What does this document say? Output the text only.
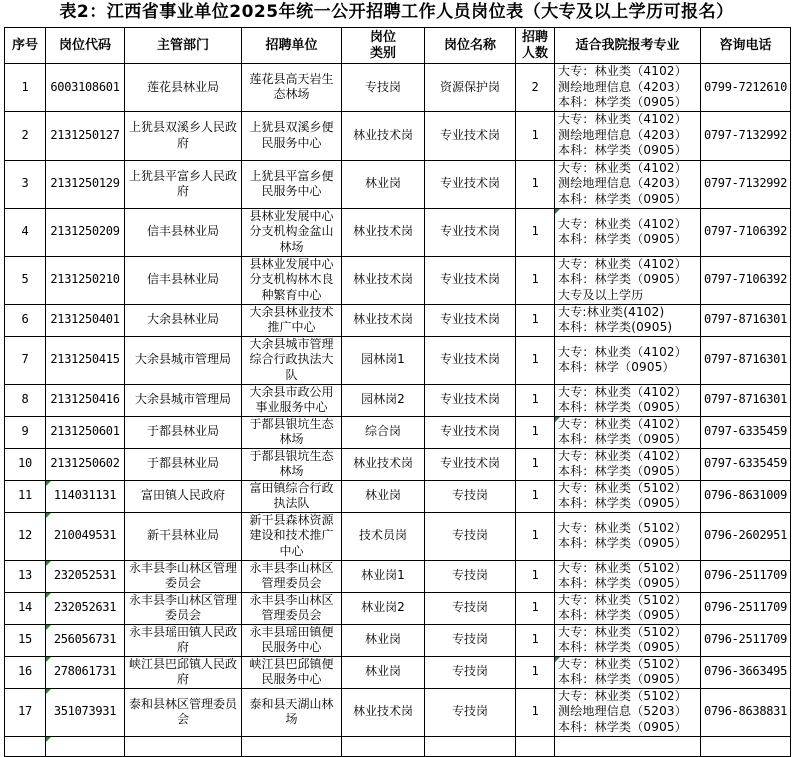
表2：江西省事业单位2025年统一公开招聘工作人员岗位表（大专及以上学历可报名）
序号	岗位代码	主管部门	招聘单位	岗位类别	岗位名称	招聘人数	适合我院报考专业	咨询电话
1	6003108601	莲花县林业局	莲花县高天岩生态林场	专技岗	资源保护岗	2	大专：林业类（4102）
测绘地理信息（4203）
本科：林学类（0905）	0799-7212610
2	2131250127	上犹县双溪乡人民政府	上犹县双溪乡便民服务中心	林业技术岗	专业技术岗	1	大专：林业类（4102）
测绘地理信息（4203）
本科：林学类（0905）	0797-7132992
3	2131250129	上犹县平富乡人民政府	上犹县平富乡便民服务中心	林业岗	专业技术岗	1	大专：林业类（4102）
测绘地理信息（4203）
本科：林学类（0905）	0797-7132992
4	2131250209	信丰县林业局	县林业发展中心分支机构金盆山林场	林业技术岗	专业技术岗	1	大专：林业类（4102）
本科：林学类（0905）	0797-7106392
5	2131250210	信丰县林业局	县林业发展中心分支机构林木良种繁育中心	林业技术岗	专业技术岗	1	大专：林业类（4102）
本科：林学类（0905）
大专及以上学历	0797-7106392
6	2131250401	大余县林业局	大余县林业技术推广中心	林业技术岗	专业技术岗	1	大专:林业类(4102)
本科：林学类(0905)	0797-8716301
7	2131250415	大余县城市管理局	大余县城市管理综合行政执法大队	园林岗1	专业技术岗	1	大专：林业类（4102）
本科：林学（0905）	0797-8716301
8	2131250416	大余县城市管理局	大余县市政公用事业服务中心	园林岗2	专业技术岗	1	大专：林业类（4102）
本科：林学类（0905）	0797-8716301
9	2131250601	于都县林业局	于都县银坑生态林场	综合岗	专业技术岗	1	大专：林业类（4102）
本科：林学类（0905）	0797-6335459
10	2131250602	于都县林业局	于都县银坑生态林场	林业技术岗	专业技术岗	1	大专：林业类（4102）
本科：林学类（0905）	0797-6335459
11	114031131	富田镇人民政府	富田镇综合行政执法队	林业岗	专技岗	1	大专：林业类（5102）
本科：林学类（0905）	0796-8631009
12	210049531	新干县林业局	新干县森林资源建设和技术推广中心	技术员岗	专技岗	1	大专：林业类（5102）
本科：林学类（0905）	0796-2602951
13	232052531	永丰县李山林区管理委员会	永丰县李山林区管理委员会	林业岗1	专技岗	1	大专：林业类（5102）
本科：林学类（0905）	0796-2511709
14	232052631	永丰县李山林区管理委员会	永丰县李山林区管理委员会	林业岗2	专技岗	1	大专：林业类（5102）
本科：林学类（0905）	0796-2511709
15	256056731	永丰县瑶田镇人民政府	永丰县瑶田镇便民服务中心	林业岗	专技岗	1	大专：林业类（5102）
本科：林学类（0905）	0796-2511709
16	278061731	峡江县巴邱镇人民政府	峡江县巴邱镇便民服务中心	林业岗	专技岗	1	大专：林业类（5102）
本科：林学类（0905）	0796-3663495
17	351073931	泰和县林区管理委员会	泰和县天湖山林场	林业技术岗	专技岗	1	大专：林业类（5102）
测绘地理信息（5203）
本科：林学类（0905）	0796-8638831
